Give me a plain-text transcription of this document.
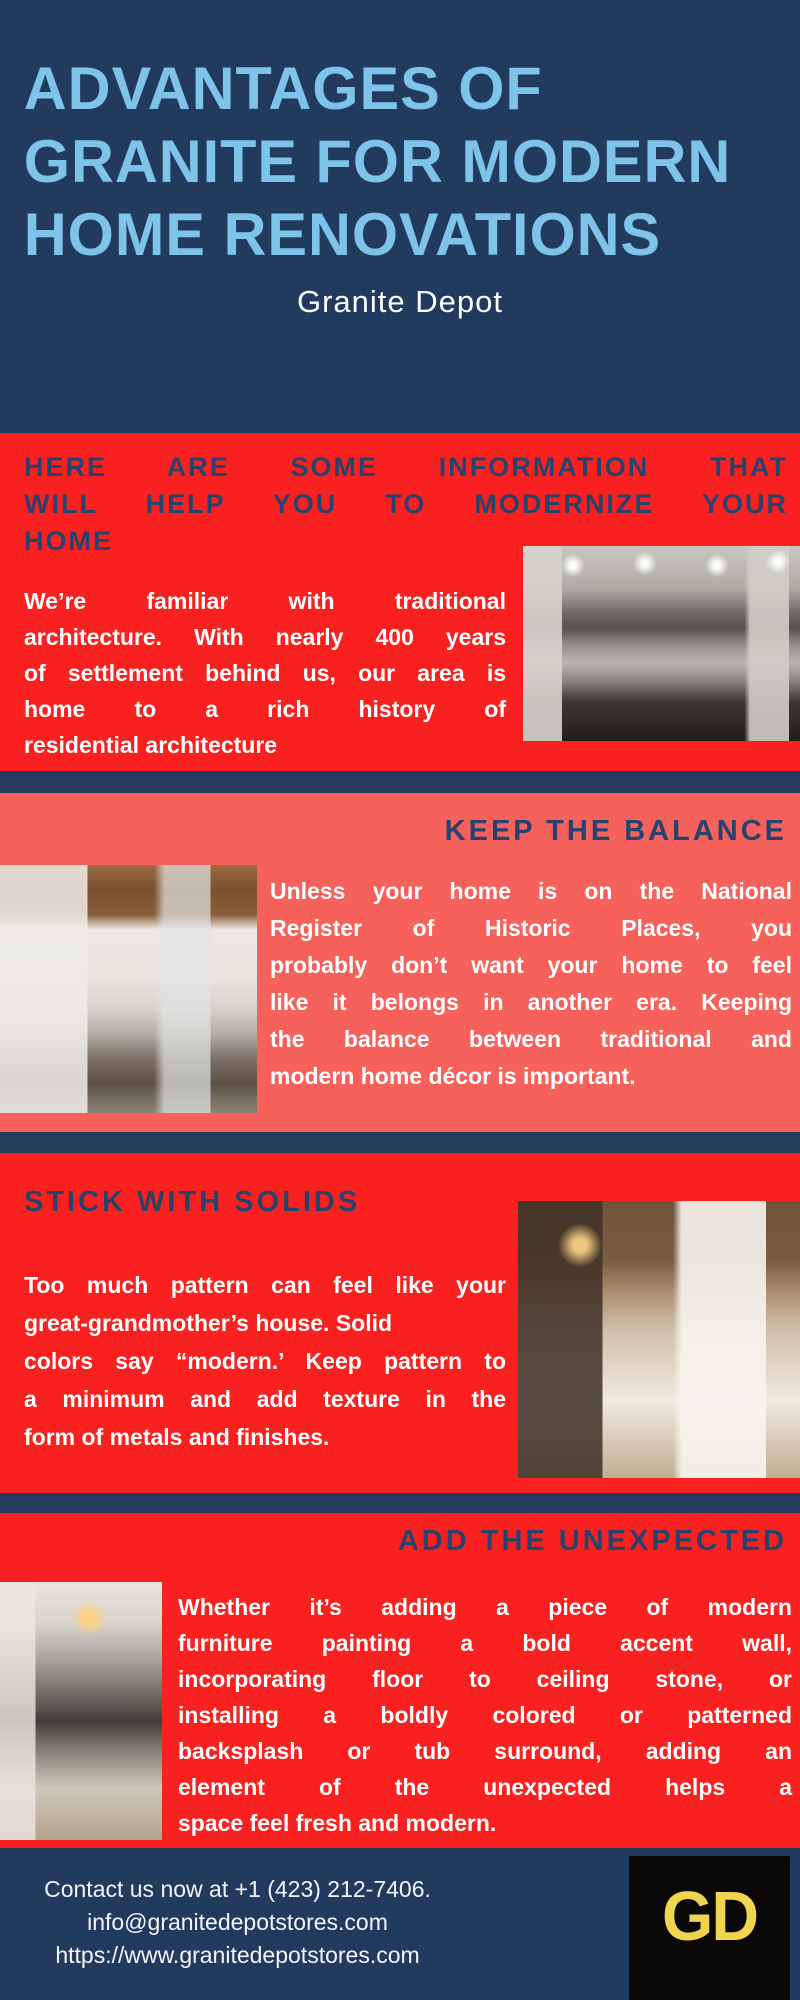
ADVANTAGES OF
GRANITE FOR MODERN
HOME RENOVATIONS
Granite Depot
HERE ARE SOME INFORMATION THAT
WILL HELP YOU TO MODERNIZE YOUR
HOME
We’re familiar with traditional
architecture. With nearly 400 years
of settlement behind us, our area is
home to a rich history of
residential architecture
KEEP THE BALANCE
Unless your home is on the National
Register of Historic Places, you
probably don’t want your home to feel
like it belongs in another era. Keeping
the balance between traditional and
modern home décor is important.
STICK WITH SOLIDS
Too much pattern can feel like your
great-grandmother’s house. Solid
colors say “modern.’ Keep pattern to
a minimum and add texture in the
form of metals and finishes.
ADD THE UNEXPECTED
Whether it’s adding a piece of modern
furniture painting a bold accent wall,
incorporating floor to ceiling stone, or
installing a boldly colored or patterned
backsplash or tub surround, adding an
element of the unexpected helps a
space feel fresh and modern.
Contact us now at +1 (423) 212-7406.
info@granitedepotstores.com
https://www.granitedepotstores.com
GD
